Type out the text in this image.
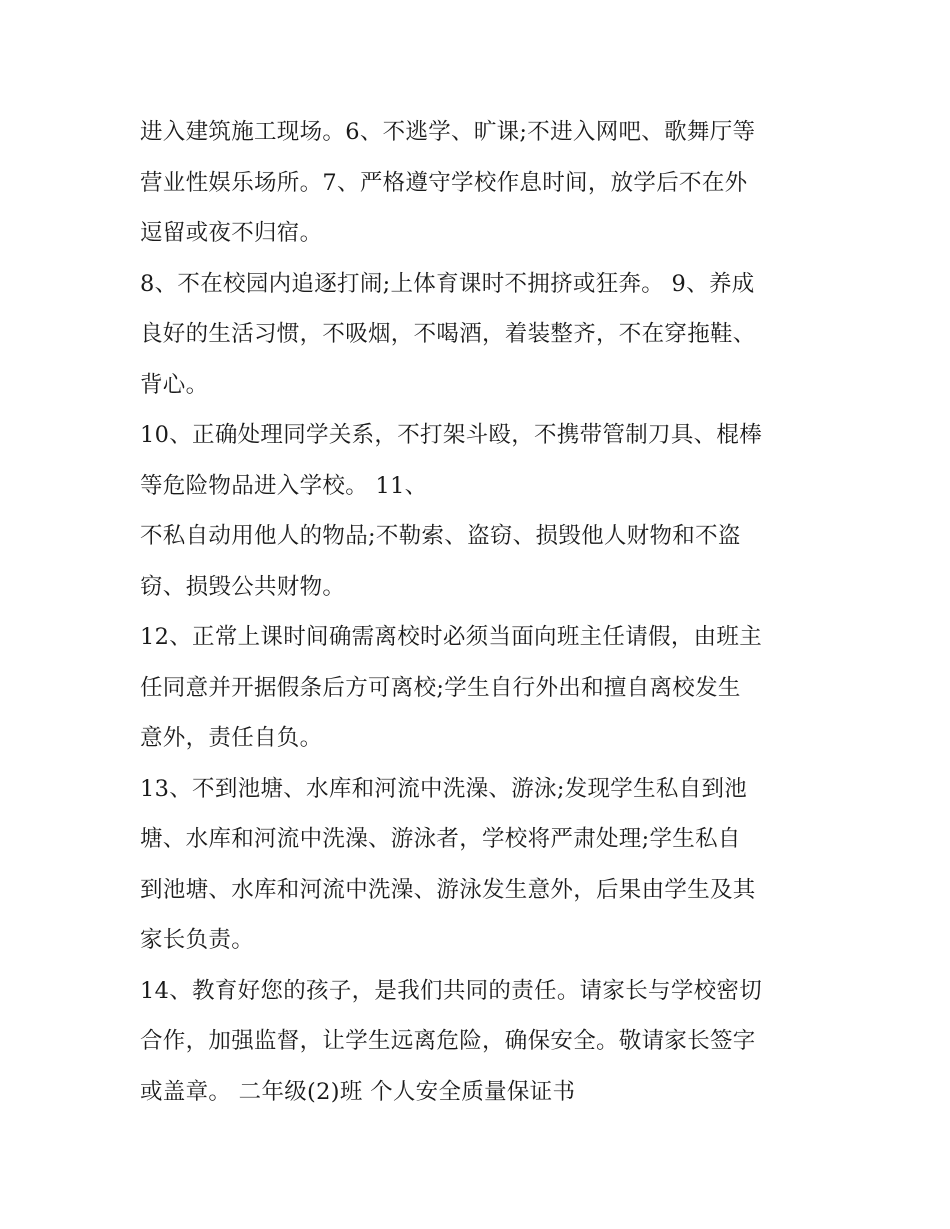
进入建筑施工现场。6、不逃学、旷课;不进入网吧、歌舞厅等
营业性娱乐场所。7、严格遵守学校作息时间，放学后不在外
逗留或夜不归宿。
8、不在校园内追逐打闹;上体育课时不拥挤或狂奔。 9、养成
良好的生活习惯，不吸烟，不喝酒，着装整齐，不在穿拖鞋、
背心。
10、正确处理同学关系，不打架斗殴，不携带管制刀具、棍棒
等危险物品进入学校。 11、
不私自动用他人的物品;不勒索、盗窃、损毁他人财物和不盗
窃、损毁公共财物。
12、正常上课时间确需离校时必须当面向班主任请假，由班主
任同意并开据假条后方可离校;学生自行外出和擅自离校发生
意外，责任自负。
13、不到池塘、水库和河流中洗澡、游泳;发现学生私自到池
塘、水库和河流中洗澡、游泳者，学校将严肃处理;学生私自
到池塘、水库和河流中洗澡、游泳发生意外，后果由学生及其
家长负责。
14、教育好您的孩子，是我们共同的责任。请家长与学校密切
合作，加强监督，让学生远离危险，确保安全。敬请家长签字
或盖章。 二年级(2)班 个人安全质量保证书
